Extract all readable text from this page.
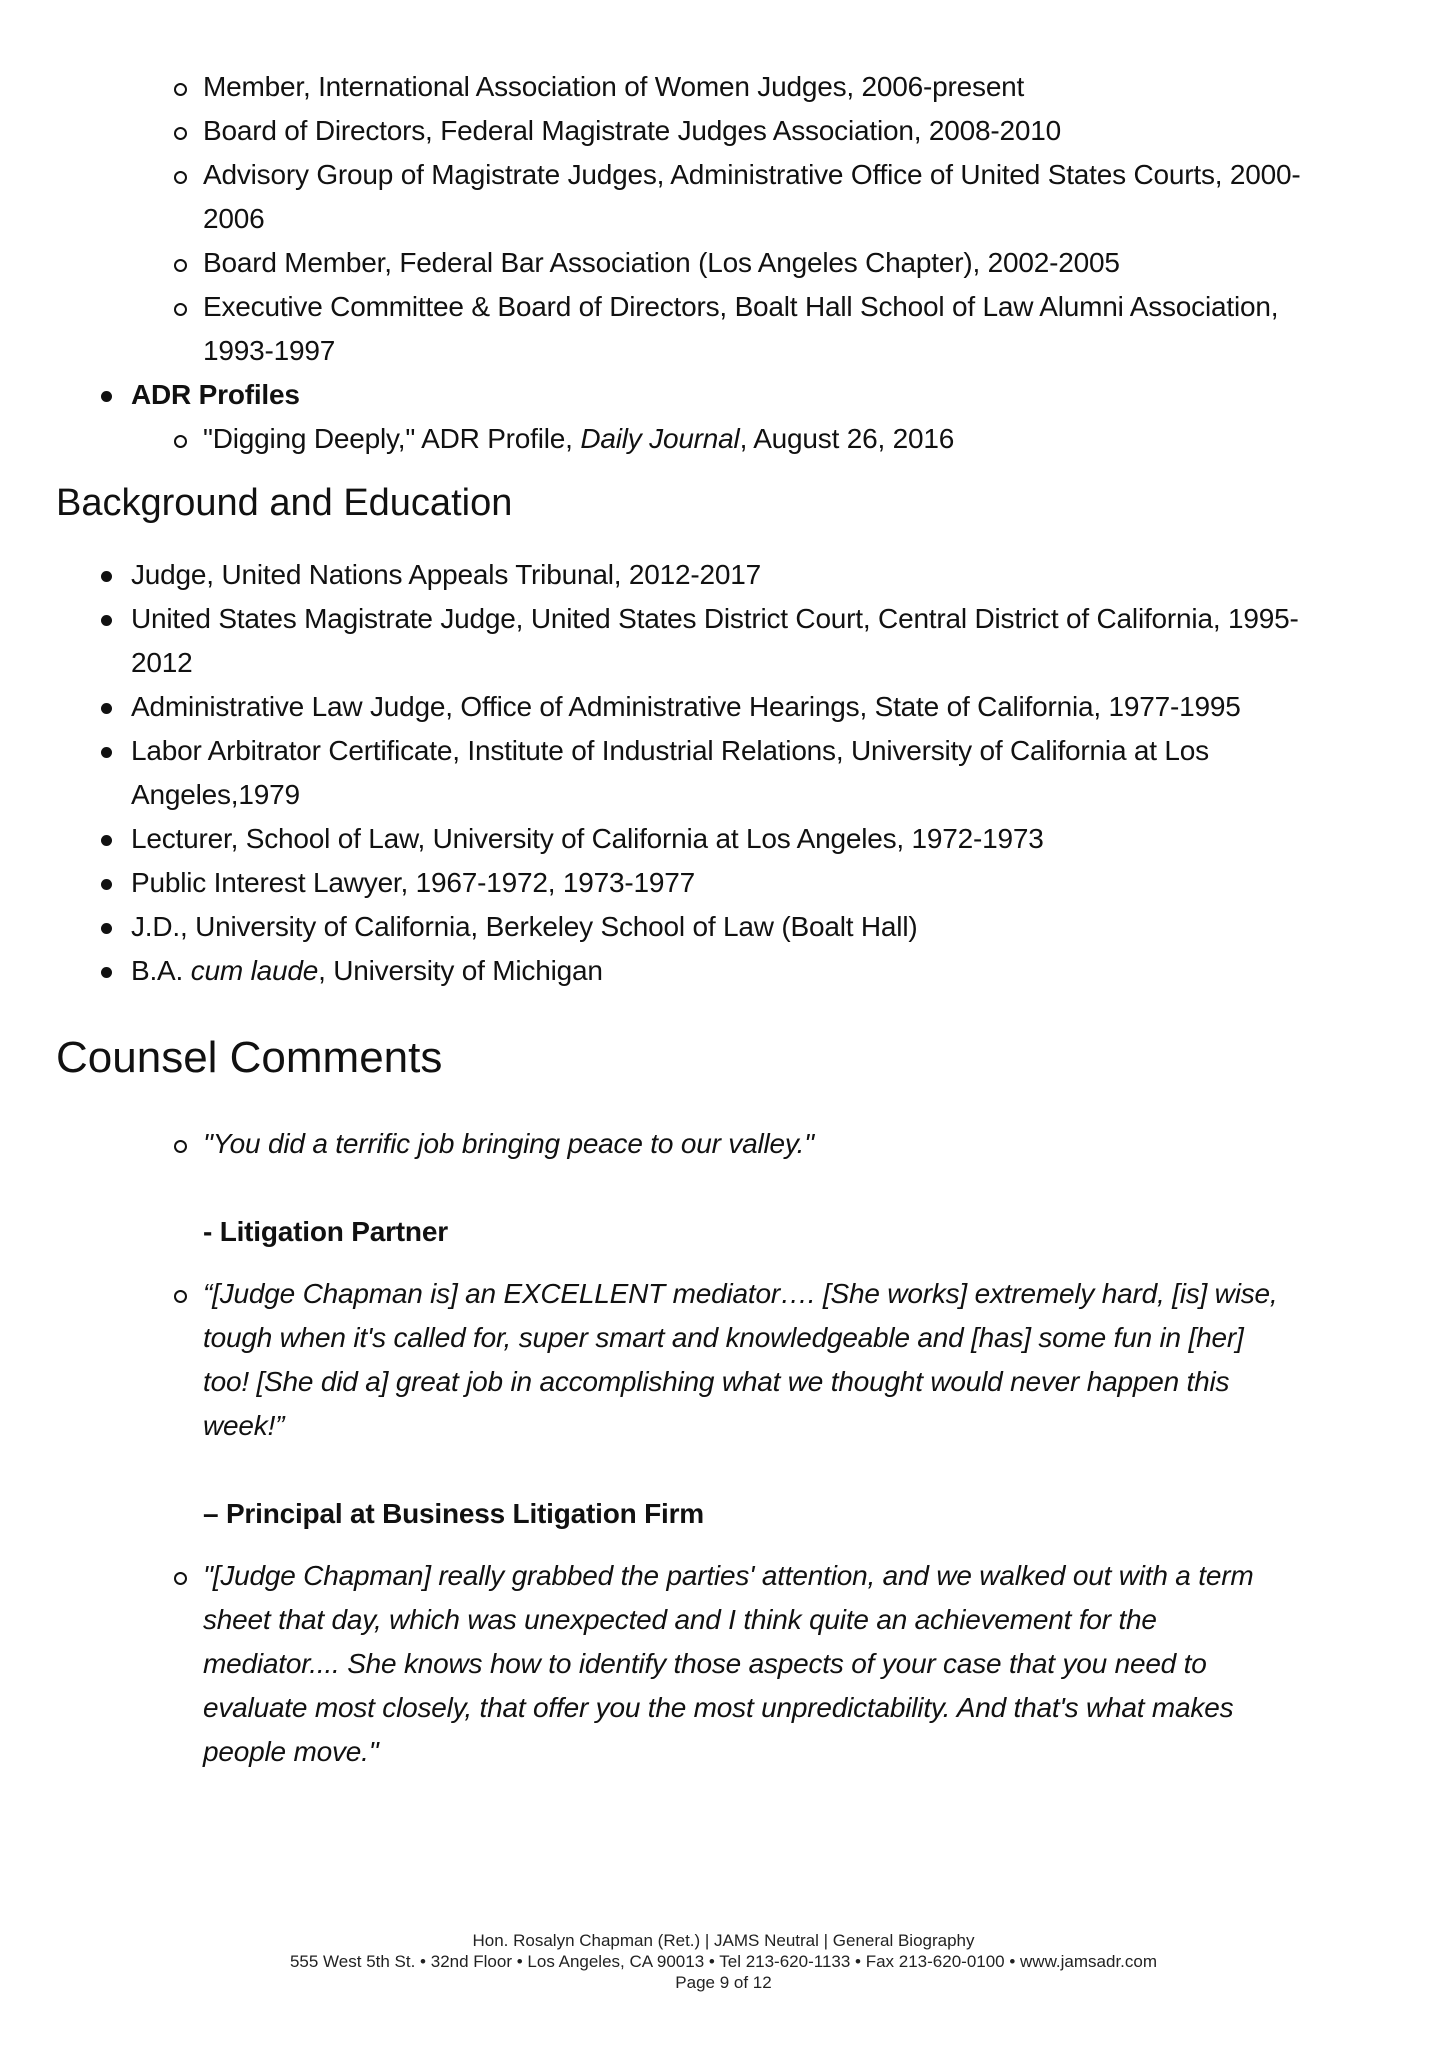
Member, International Association of Women Judges, 2006-present
Board of Directors, Federal Magistrate Judges Association, 2008-2010
Advisory Group of Magistrate Judges, Administrative Office of United States Courts, 2000-
2006
Board Member, Federal Bar Association (Los Angeles Chapter), 2002-2005
Executive Committee & Board of Directors, Boalt Hall School of Law Alumni Association,
1993-1997
ADR Profiles
"Digging Deeply," ADR Profile, Daily Journal, August 26, 2016
Background and Education
Judge, United Nations Appeals Tribunal, 2012-2017
United States Magistrate Judge, United States District Court, Central District of California, 1995-
2012
Administrative Law Judge, Office of Administrative Hearings, State of California, 1977-1995
Labor Arbitrator Certificate, Institute of Industrial Relations, University of California at Los
Angeles,1979
Lecturer, School of Law, University of California at Los Angeles, 1972-1973
Public Interest Lawyer, 1967-1972, 1973-1977
J.D., University of California, Berkeley School of Law (Boalt Hall)
B.A. cum laude, University of Michigan
Counsel Comments
"You did a terrific job bringing peace to our valley."
- Litigation Partner
“[Judge Chapman is] an EXCELLENT mediator…. [She works] extremely hard, [is] wise,
tough when it's called for, super smart and knowledgeable and [has] some fun in [her]
too! [She did a] great job in accomplishing what we thought would never happen this
week!”
– Principal at Business Litigation Firm
"[Judge Chapman] really grabbed the parties' attention, and we walked out with a term
sheet that day, which was unexpected and I think quite an achievement for the
mediator.... She knows how to identify those aspects of your case that you need to
evaluate most closely, that offer you the most unpredictability. And that's what makes
people move."
Hon. Rosalyn Chapman (Ret.) | JAMS Neutral | General Biography
555 West 5th St. • 32nd Floor • Los Angeles, CA 90013 • Tel 213-620-1133 • Fax 213-620-0100 • www.jamsadr.com
Page 9 of 12
